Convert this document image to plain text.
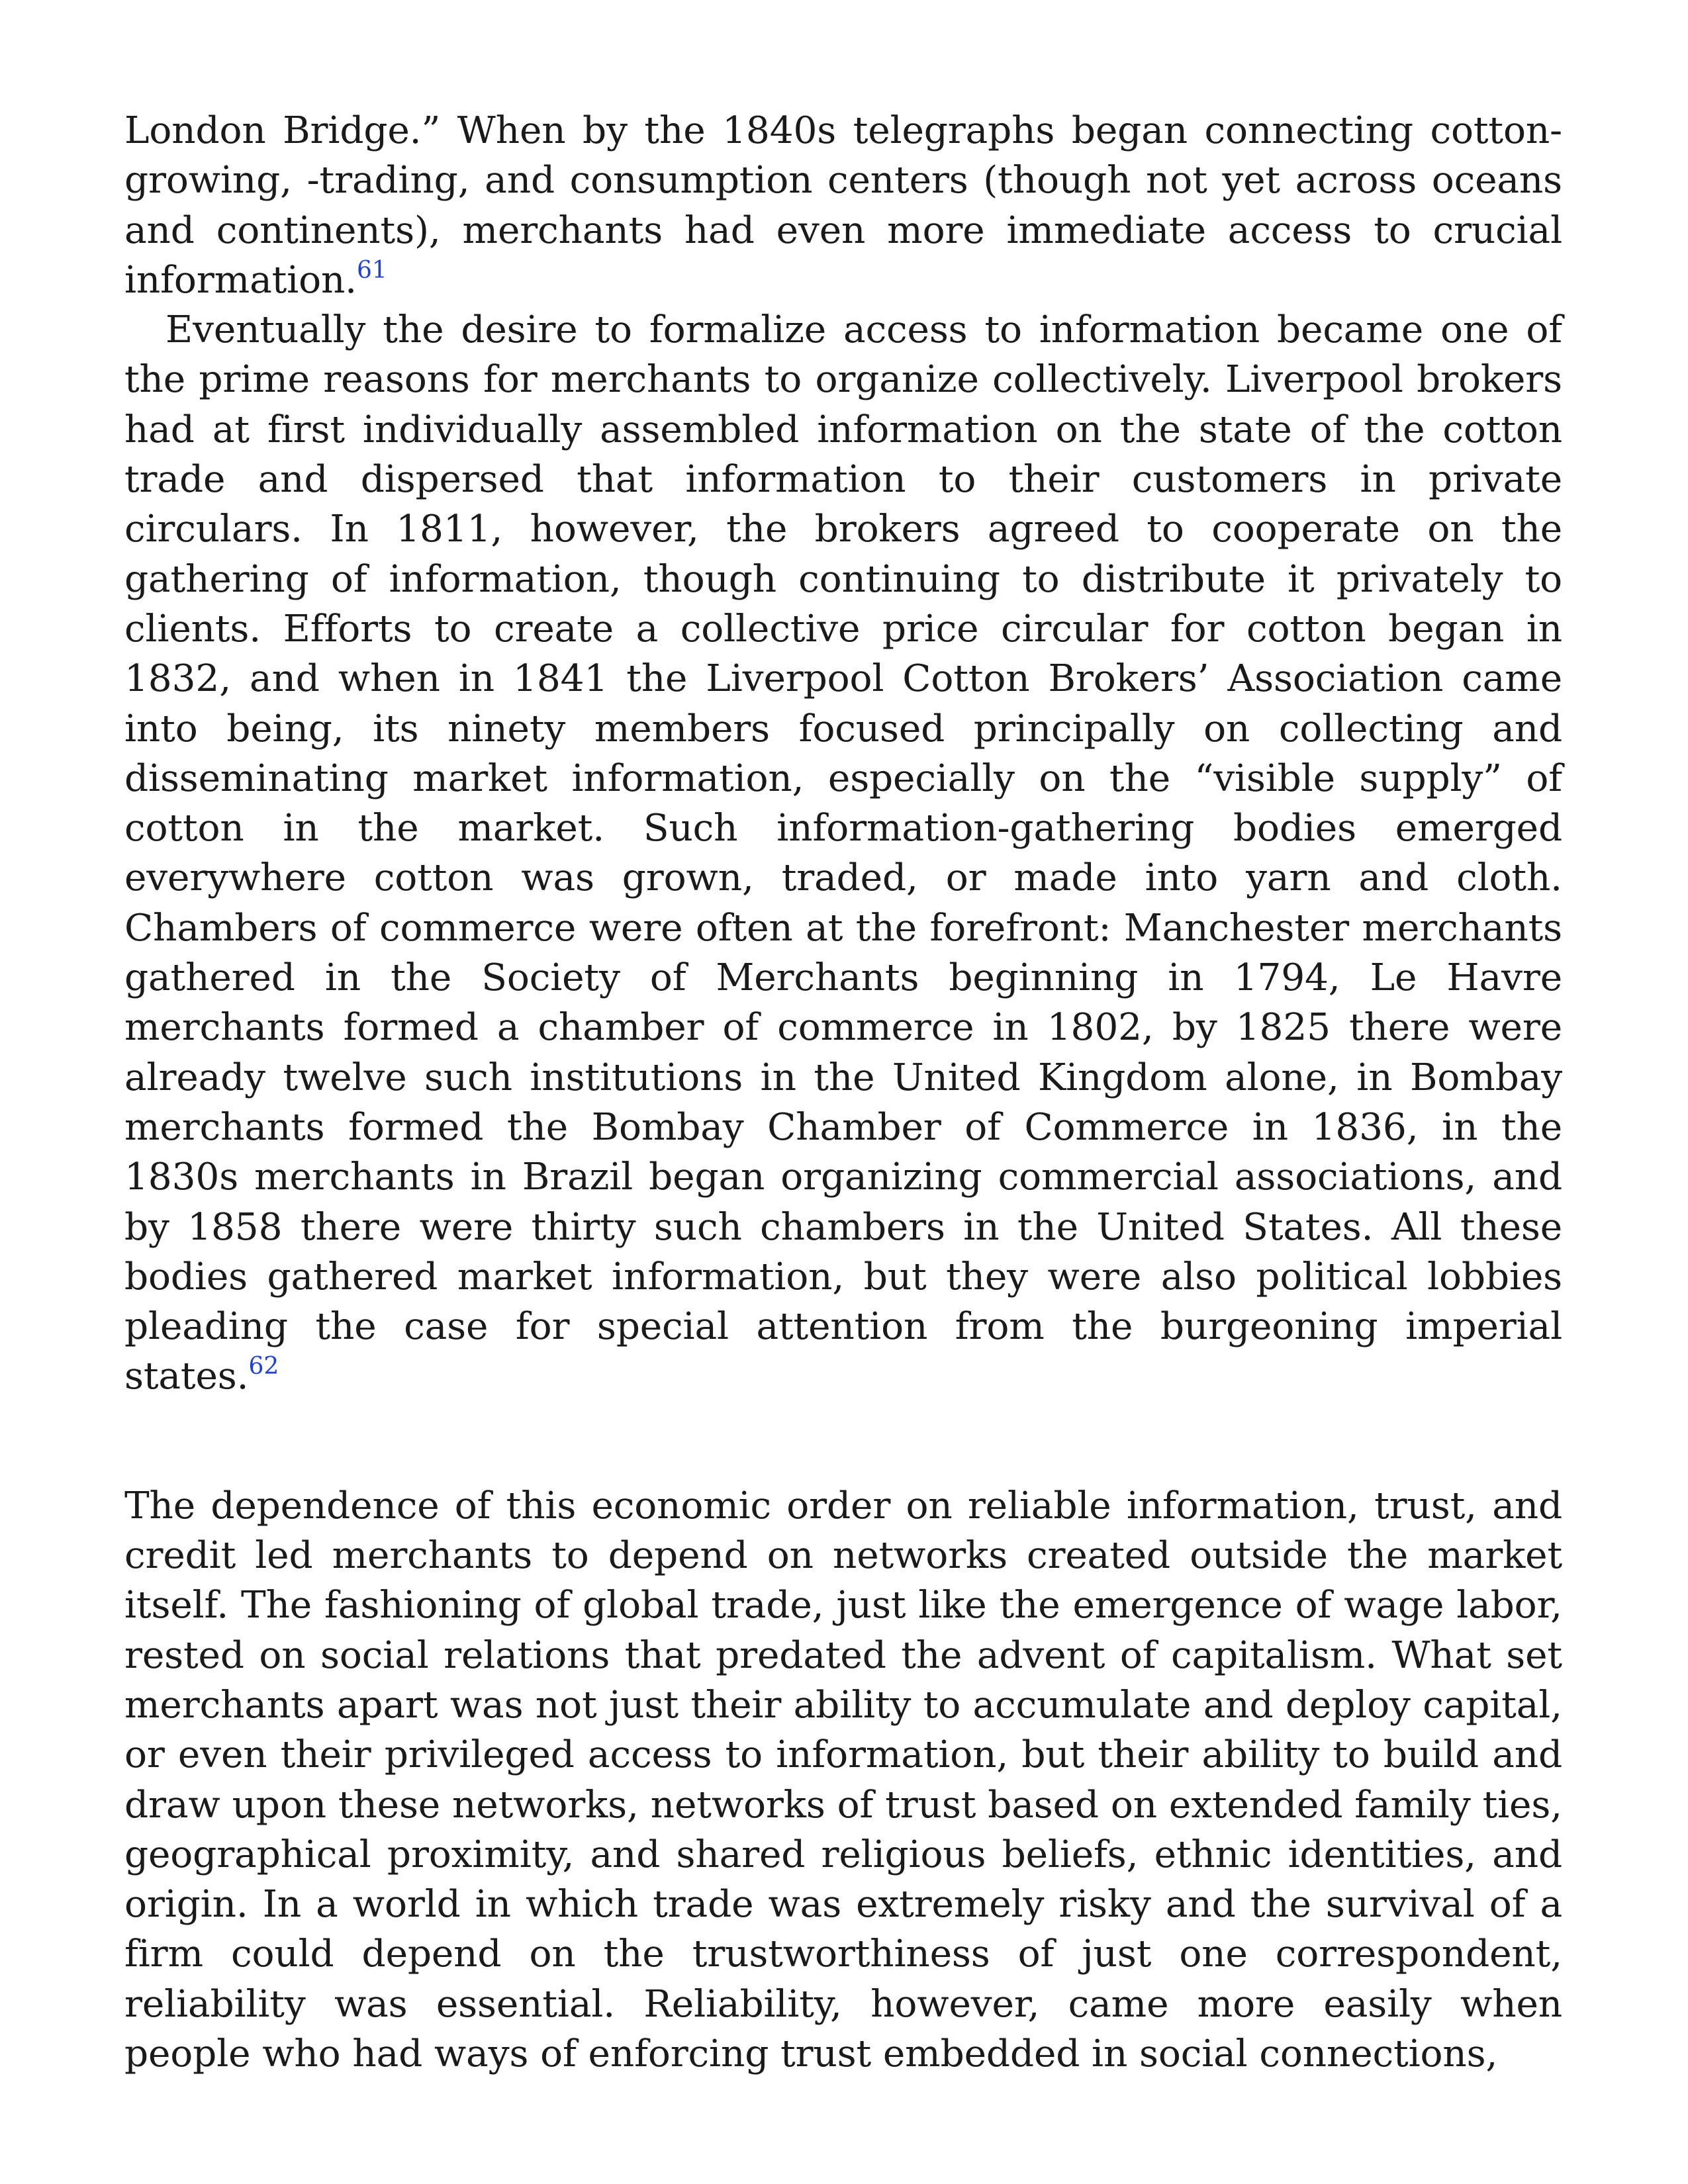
London Bridge.” When by the 1840s telegraphs began connecting cotton-growing, -trading, and consumption centers (though not yet across oceans and continents), merchants had even more immediate access to crucial information.$^{61}$

Eventually the desire to formalize access to information became one of the prime reasons for merchants to organize collectively. Liverpool brokers had at first individually assembled information on the state of the cotton trade and dispersed that information to their customers in private circulars. In 1811, however, the brokers agreed to cooperate on the gathering of information, though continuing to distribute it privately to clients. Efforts to create a collective price circular for cotton began in 1832, and when in 1841 the Liverpool Cotton Brokers’ Association came into being, its ninety members focused principally on collecting and disseminating market information, especially on the “visible supply” of cotton in the market. Such information-gathering bodies emerged everywhere cotton was grown, traded, or made into yarn and cloth. Chambers of commerce were often at the forefront: Manchester merchants gathered in the Society of Merchants beginning in 1794, Le Havre merchants formed a chamber of commerce in 1802, by 1825 there were already twelve such institutions in the United Kingdom alone, in Bombay merchants formed the Bombay Chamber of Commerce in 1836, in the 1830s merchants in Brazil began organizing commercial associations, and by 1858 there were thirty such chambers in the United States. All these bodies gathered market information, but they were also political lobbies pleading the case for special attention from the burgeoning imperial states.$^{62}$

The dependence of this economic order on reliable information, trust, and credit led merchants to depend on networks created outside the market itself. The fashioning of global trade, just like the emergence of wage labor, rested on social relations that predated the advent of capitalism. What set merchants apart was not just their ability to accumulate and deploy capital, or even their privileged access to information, but their ability to build and draw upon these networks, networks of trust based on extended family ties, geographical proximity, and shared religious beliefs, ethnic identities, and origin. In a world in which trade was extremely risky and the survival of a firm could depend on the trustworthiness of just one correspondent, reliability was essential. Reliability, however, came more easily when people who had ways of enforcing trust embedded in social connections,
